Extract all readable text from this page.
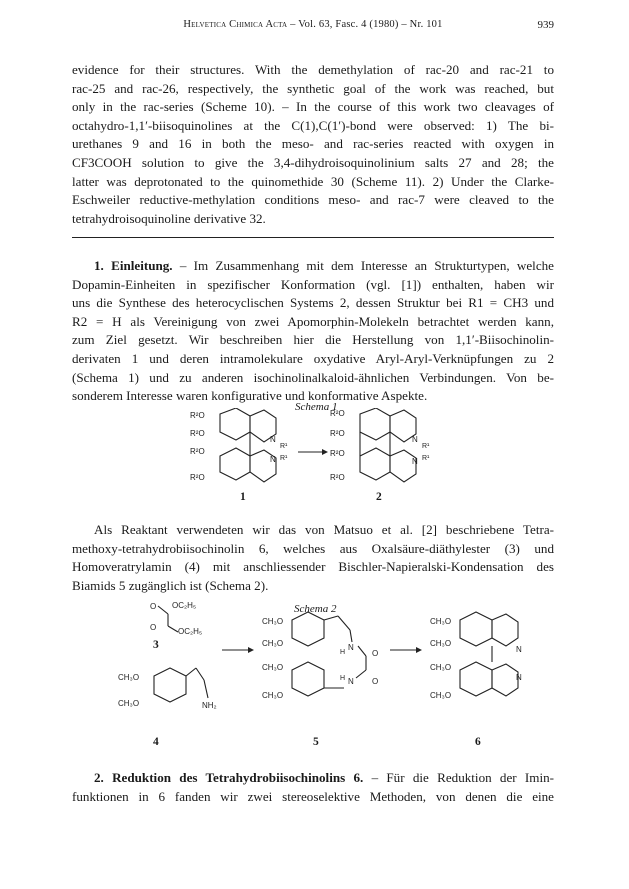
Helvetica Chimica Acta – Vol. 63, Fasc. 4 (1980) – Nr. 101	939
evidence for their structures. With the demethylation of rac-20 and rac-21 to
rac-25 and rac-26, respectively, the synthetic goal of the work was reached, but
only in the rac-series (Scheme 10). – In the course of this work two cleavages of
octahydro-1,1′-biisoquinolines at the C(1),C(1′)-bond were observed: 1) The bi-
urethanes 9 and 16 in both the meso- and rac-series reacted with oxygen in
CF3COOH solution to give the 3,4-dihydroisoquinolinium salts 27 and 28; the
latter was deprotonated to the quinomethide 30 (Scheme 11). 2) Under the Clarke-
Eschweiler reductive-methylation conditions meso- and rac-7 were cleaved to the
tetrahydroisoquinoline derivative 32.
1. Einleitung. – Im Zusammenhang mit dem Interesse an Strukturtypen, welche
Dopamin-Einheiten in spezifischer Konformation (vgl. [1]) enthalten, haben wir
uns die Synthese des heterocyclischen Systems 2, dessen Struktur bei R1 = CH3 und
R2 = H als Vereinigung von zwei Apomorphin-Molekeln betrachtet werden kann,
zum Ziel gesetzt. Wir beschreiben hier die Herstellung von 1,1′-Biisochinolin-
derivaten 1 und deren intramolekulare oxydative Aryl-Aryl-Verknüpfungen zu 2
(Schema 1) und zu anderen isochinolinalkaloid-ähnlichen Verbindungen. Von be-
sonderem Interesse waren konfigurative und konformative Aspekte.
Schema 1
R²O
R²O
R²O
R²O
N
R¹
N R¹
R²O
R²O
R²O
R²O
N
R¹
N R¹
1	2
Als Reaktant verwendeten wir das von Matsuo et al. [2] beschriebene Tetra-
methoxy-tetrahydrobiisochinolin 6, welches aus Oxalsäure-diäthylester (3) und
Homoveratrylamin (4) mit anschliessender Bischler-Napieralski-Kondensation des
Biamids 5 zugänglich ist (Schema 2).
Schema 2
O OC₂H₅
O	OC₂H₅
CH₃O
CH₃O	NH₂
CH₃O
CH₃O
CH₃O
CH₃O
N
H	O
O
N
H
CH₃O
CH₃O
CH₃O
CH₃O
N
N
3
4	5	6
2. Reduktion des Tetrahydrobiisochinolins 6. – Für die Reduktion der Imin-
funktionen in 6 fanden wir zwei stereoselektive Methoden, von denen die eine
